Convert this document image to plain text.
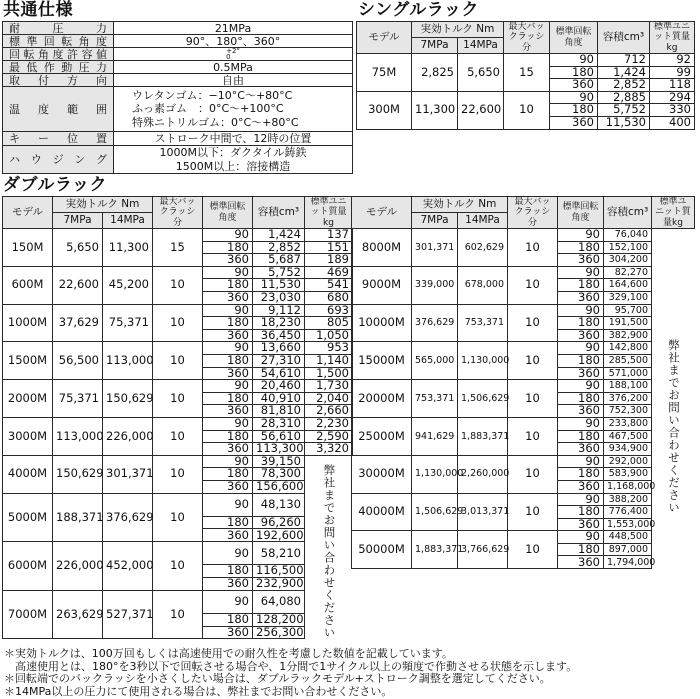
共通仕様
耐圧力	21MPa
標準回転角度	90°、180°、360°
回転角度許容値	+2°
0

最低作動圧力	0.5MPa
取付方向	自由
温度範囲	ウレタンゴム：−10°C〜+80°C
ふっ素ゴム　：0°C〜+100°C
特殊ニトリルゴム：0°C〜+80°C

キー位置	ストローク中間で、12時の位置
ハウジング	1000M以下：ダクタイル鋳鉄
1500M以上：溶接構造
シングルラック
モデル	実効トルク Nm		最大バックラッシ分	標準回転角度	容積cm³	標準ユニット質量kg

	7MPa	14MPa				
75M	2,825	5,650	15	90	712	92
				180	1,424	99
				360	2,852	118
300M	11,300	22,600	10	90	2,885	294
				180	5,752	330
				360	11,530	400
ダブルラック
モデル	実効トルク Nm		最大バックラッシ分	標準回転角度	容積cm³	標準ユニット質量kg

	7MPa	14MPa				
150M	5,650	11,300	15	90	1,424	137
				180	2,852	151
				360	5,687	189
600M	22,600	45,200	10	90	5,752	469
				180	11,530	541
				360	23,030	680
1000M	37,629	75,371	10	90	9,112	693
				180	18,230	805
				360	36,450	1,050
1500M	56,500	113,000	10	90	13,660	953
				180	27,310	1,140
				360	54,610	1,500
2000M	75,371	150,629	10	90	20,460	1,730
				180	40,910	2,040
				360	81,810	2,660
3000M	113,000	226,000	10	90	28,310	2,230
				180	56,610	2,590
				360	113,300	3,320
4000M	150,629	301,371	10	90	39,150	弊社までお問い合わせください

				180	78,300	
				360	156,600	
5000M	188,371	376,629	10	90	48,130	
				180	96,260	
				360	192,600	
6000M	226,000	452,000	10	90	58,210	
				180	116,500	
				360	232,900	
7000M	263,629	527,371	10	90	64,080	
				180	128,200	
				360	256,300	
モデル	実効トルク Nm		最大バックラッシ分	標準回転角度	容積cm³	標準ユニット質量kg

	7MPa	14MPa				
8000M	301,371	602,629	10	90	76,040	弊社までお問い合わせください

				180	152,100	
				360	304,200	
9000M	339,000	678,000	10	90	82,270	
				180	164,600	
				360	329,100	
10000M	376,629	753,371	10	90	95,700	
				180	191,500	
				360	382,900	
15000M	565,000	1,130,000	10	90	142,800	
				180	285,500	
				360	571,000	
20000M	753,371	1,506,629	10	90	188,100	
				180	376,200	
				360	752,300	
25000M	941,629	1,883,371	10	90	233,800	
				180	467,500	
				360	934,900	
30000M	1,130,000	2,260,000	10	90	292,000	
				180	583,900	
				360	1,168,000	
40000M	1,506,629	3,013,371	10	90	388,200	
				180	776,400	
				360	1,553,000	
50000M	1,883,371	3,766,629	10	90	448,500	
				180	897,000	
				360	1,794,000	
＊実効トルクは、100万回もしくは高速使用での耐久性を考慮した数値を記載しています。
　高速使用とは、180°を3秒以下で回転させる場合や、1分間で1サイクル以上の頻度で作動させる状態を示します。
＊回転端でのバックラッシを小さくしたい場合は、ダブルラックモデル+ストローク調整を選定してください。
＊14MPa以上の圧力にて使用される場合は、弊社までお問い合わせください。
